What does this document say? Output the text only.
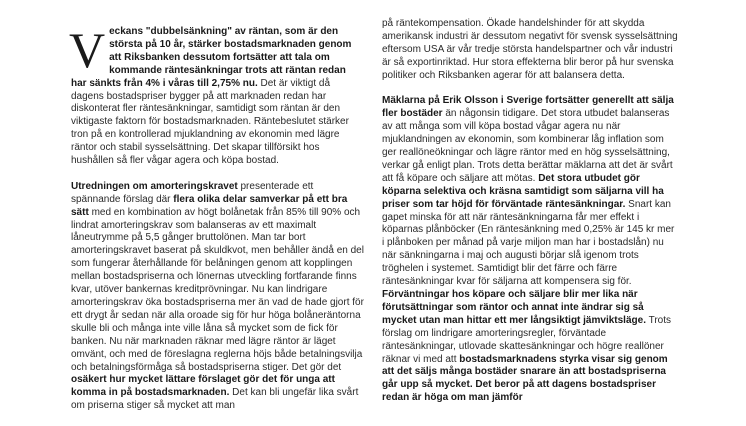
Veckans "dubbelsänkning" av räntan, som är den största på 10 år, stärker bostadsmarknaden genom att Riksbanken dessutom fortsätter att tala om kommande räntesänkningar trots att räntan redan har sänkts från 4% i våras till 2,75% nu. Det är viktigt då dagens bostadspriser bygger på att marknaden redan har diskonterat fler räntesänkningar, samtidigt som räntan är den viktigaste faktorn för bostadsmarknaden. Räntebeslutet stärker tron på en kontrollerad mjuklandning av ekonomin med lägre räntor och stabil sysselsättning. Det skapar tillförsikt hos hushållen så fler vågar agera och köpa bostad.

Utredningen om amorteringskravet presenterade ett spännande förslag där flera olika delar samverkar på ett bra sätt med en kombination av högt bolånetak från 85% till 90% och lindrat amorteringskrav som balanseras av ett maximalt låneutrymme på 5,5 gånger bruttolönen. Man tar bort amorteringskravet baserat på skuldkvot, men behåller ändå en del som fungerar återhållande för belåningen genom att kopplingen mellan bostadspriserna och lönernas utveckling fortfarande finns kvar, utöver bankernas kreditprövningar. Nu kan lindrigare amorteringskrav öka bostadspriserna mer än vad de hade gjort för ett drygt år sedan när alla oroade sig för hur höga bolåneräntorna skulle bli och många inte ville låna så mycket som de fick för banken. Nu när marknaden räknar med lägre räntor är läget omvänt, och med de föreslagna reglerna höjs både betalningsvilja och betalningsförmåga så bostadspriserna stiger. Det gör det osäkert hur mycket lättare förslaget gör det för unga att komma in på bostadsmarknaden. Det kan bli ungefär lika svårt om priserna stiger så mycket att man

på räntekompensation. Ökade handelshinder för att skydda amerikansk industri är dessutom negativt för svensk sysselsättning eftersom USA är vår tredje största handelspartner och vår industri är så exportinriktad. Hur stora effekterna blir beror på hur svenska politiker och Riksbanken agerar för att balansera detta.

Mäklarna på Erik Olsson i Sverige fortsätter generellt att sälja fler bostäder än någonsin tidigare. Det stora utbudet balanseras av att många som vill köpa bostad vågar agera nu när mjuklandningen av ekonomin, som kombinerar låg inflation som ger reallöneökningar och lägre räntor med en hög sysselsättning, verkar gå enligt plan. Trots detta berättar mäklarna att det är svårt att få köpare och säljare att mötas. Det stora utbudet gör köparna selektiva och kräsna samtidigt som säljarna vill ha priser som tar höjd för förväntade räntesänkningar. Snart kan gapet minska för att när räntesänkningarna får mer effekt i köparnas plånböcker (En räntesänkning med 0,25% är 145 kr mer i plånboken per månad på varje miljon man har i bostadslån) nu när sänkningarna i maj och augusti börjar slå igenom trots tröghelen i systemet. Samtidigt blir det färre och färre räntesänkningar kvar för säljarna att kompensera sig för. Förväntningar hos köpare och säljare blir mer lika när förutsättningar som räntor och annat inte ändrar sig så mycket utan man hittar ett mer långsiktigt jämviktsläge. Trots förslag om lindrigare amorteringsregler, förväntade räntesänkningar, utlovade skattesänkningar och högre reallöner räknar vi med att bostadsmarknadens styrka visar sig genom att det säljs många bostäder snarare än att bostadspriserna går upp så mycket. Det beror på att dagens bostadspriser redan är höga om man jämför
